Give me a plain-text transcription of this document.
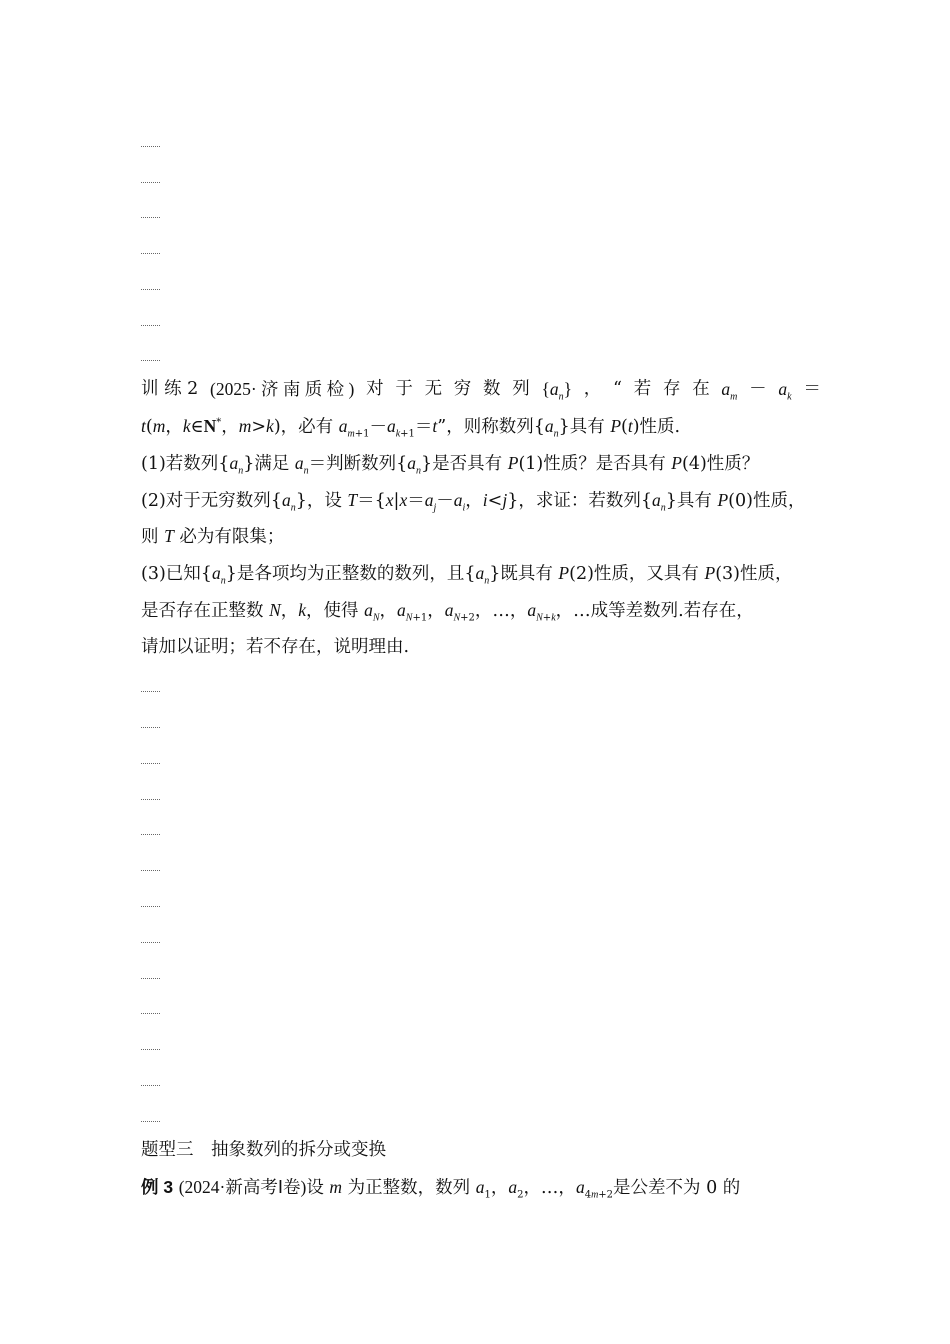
训 练 2 (2025· 济 南 质 检 ) 对 于 无 穷 数 列 $\{a_n\}$ ， “ 若 存 在 $a_m - a_k$ ＝
t(m，k∈N*，m>k)，必有 $a_{m+1}-a_{k+1}=t$”，则称数列$\{a_n\}$具有 P(t)性质.
(1)若数列$\{a_n\}$满足 $a_n=$判断数列$\{a_n\}$是否具有 P(1)性质？是否具有 P(4)性质？
(2)对于无穷数列$\{a_n\}$，设 $T=\{x|x=a_j-a_i$，i<j}，求证：若数列$\{a_n\}$具有 P(0)性质，
则 T 必为有限集；
(3)已知$\{a_n\}$是各项均为正整数的数列，且$\{a_n\}$既具有 P(2)性质，又具有 P(3)性质，
是否存在正整数 N，k，使得 $a_N$，$a_{N+1}$，$a_{N+2}$，…，$a_{N+k}$，…成等差数列.若存在，
请加以证明；若不存在，说明理由.
题型三　抽象数列的拆分或变换
例 3 (2024·新高考Ⅰ卷)设 m 为正整数，数列 $a_1$，$a_2$，…，$a_{4m+2}$是公差不为 0 的
